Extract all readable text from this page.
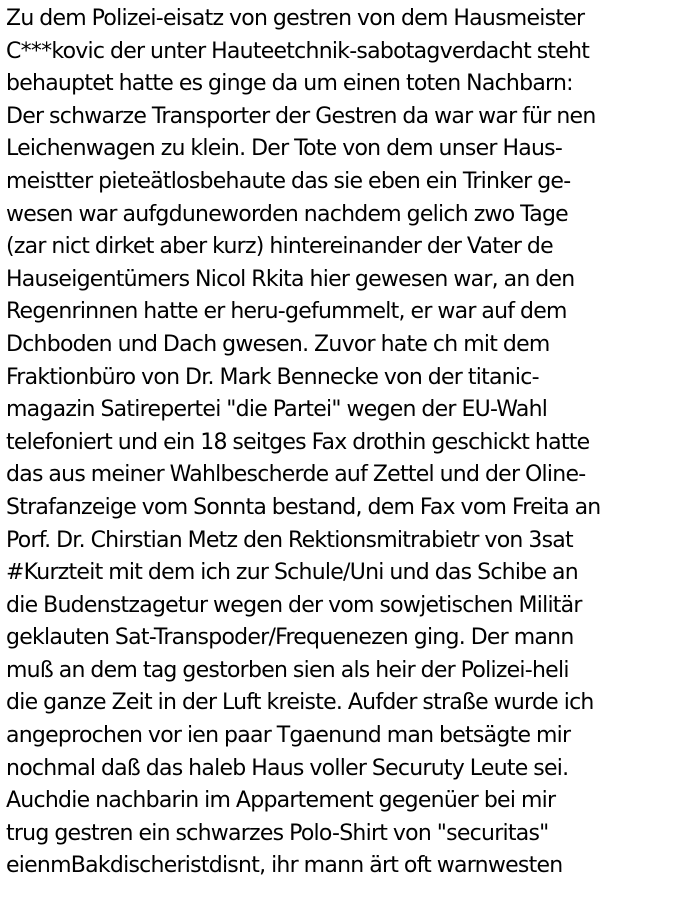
Zu dem Polizei-eisatz von gestren von dem Hausmeister
C***kovic der unter Hauteetchnik-sabotagverdacht steht
behauptet hatte es ginge da um einen toten Nachbarn:
Der schwarze Transporter der Gestren da war war für nen
Leichenwagen zu klein. Der Tote von dem unser Haus-
meistter pieteätlosbehaute das sie eben ein Trinker ge-
wesen war aufgduneworden nachdem gelich zwo Tage
(zar nict dirket aber kurz) hintereinander der Vater de
Hauseigentümers Nicol Rkita hier gewesen war, an den
Regenrinnen hatte er heru-gefummelt, er war auf dem
Dchboden und Dach gwesen. Zuvor hate ch mit dem
Fraktionbüro von Dr. Mark Bennecke von der titanic-
magazin Satirepertei "die Partei" wegen der EU-Wahl
telefoniert und ein 18 seitges Fax drothin geschickt hatte
das aus meiner Wahlbescherde auf Zettel und der Oline-
Strafanzeige vom Sonnta bestand, dem Fax vom Freita an
Porf. Dr. Chirstian Metz den Rektionsmitrabietr von 3sat
#Kurzteit mit dem ich zur Schule/Uni und das Schibe an
die Budenstzagetur wegen der vom sowjetischen Militär
geklauten Sat-Transpoder/Frequenezen ging. Der mann
muß an dem tag gestorben sien als heir der Polizei-heli
die ganze Zeit in der Luft kreiste. Aufder straße wurde ich
angeprochen vor ien paar Tgaenund man betsägte mir
nochmal daß das haleb Haus voller Securuty Leute sei.
Auchdie nachbarin im Appartement gegenüer bei mir
trug gestren ein schwarzes Polo-Shirt von "securitas"
eienmBakdischeristdisnt, ihr mann ärt oft warnwesten
